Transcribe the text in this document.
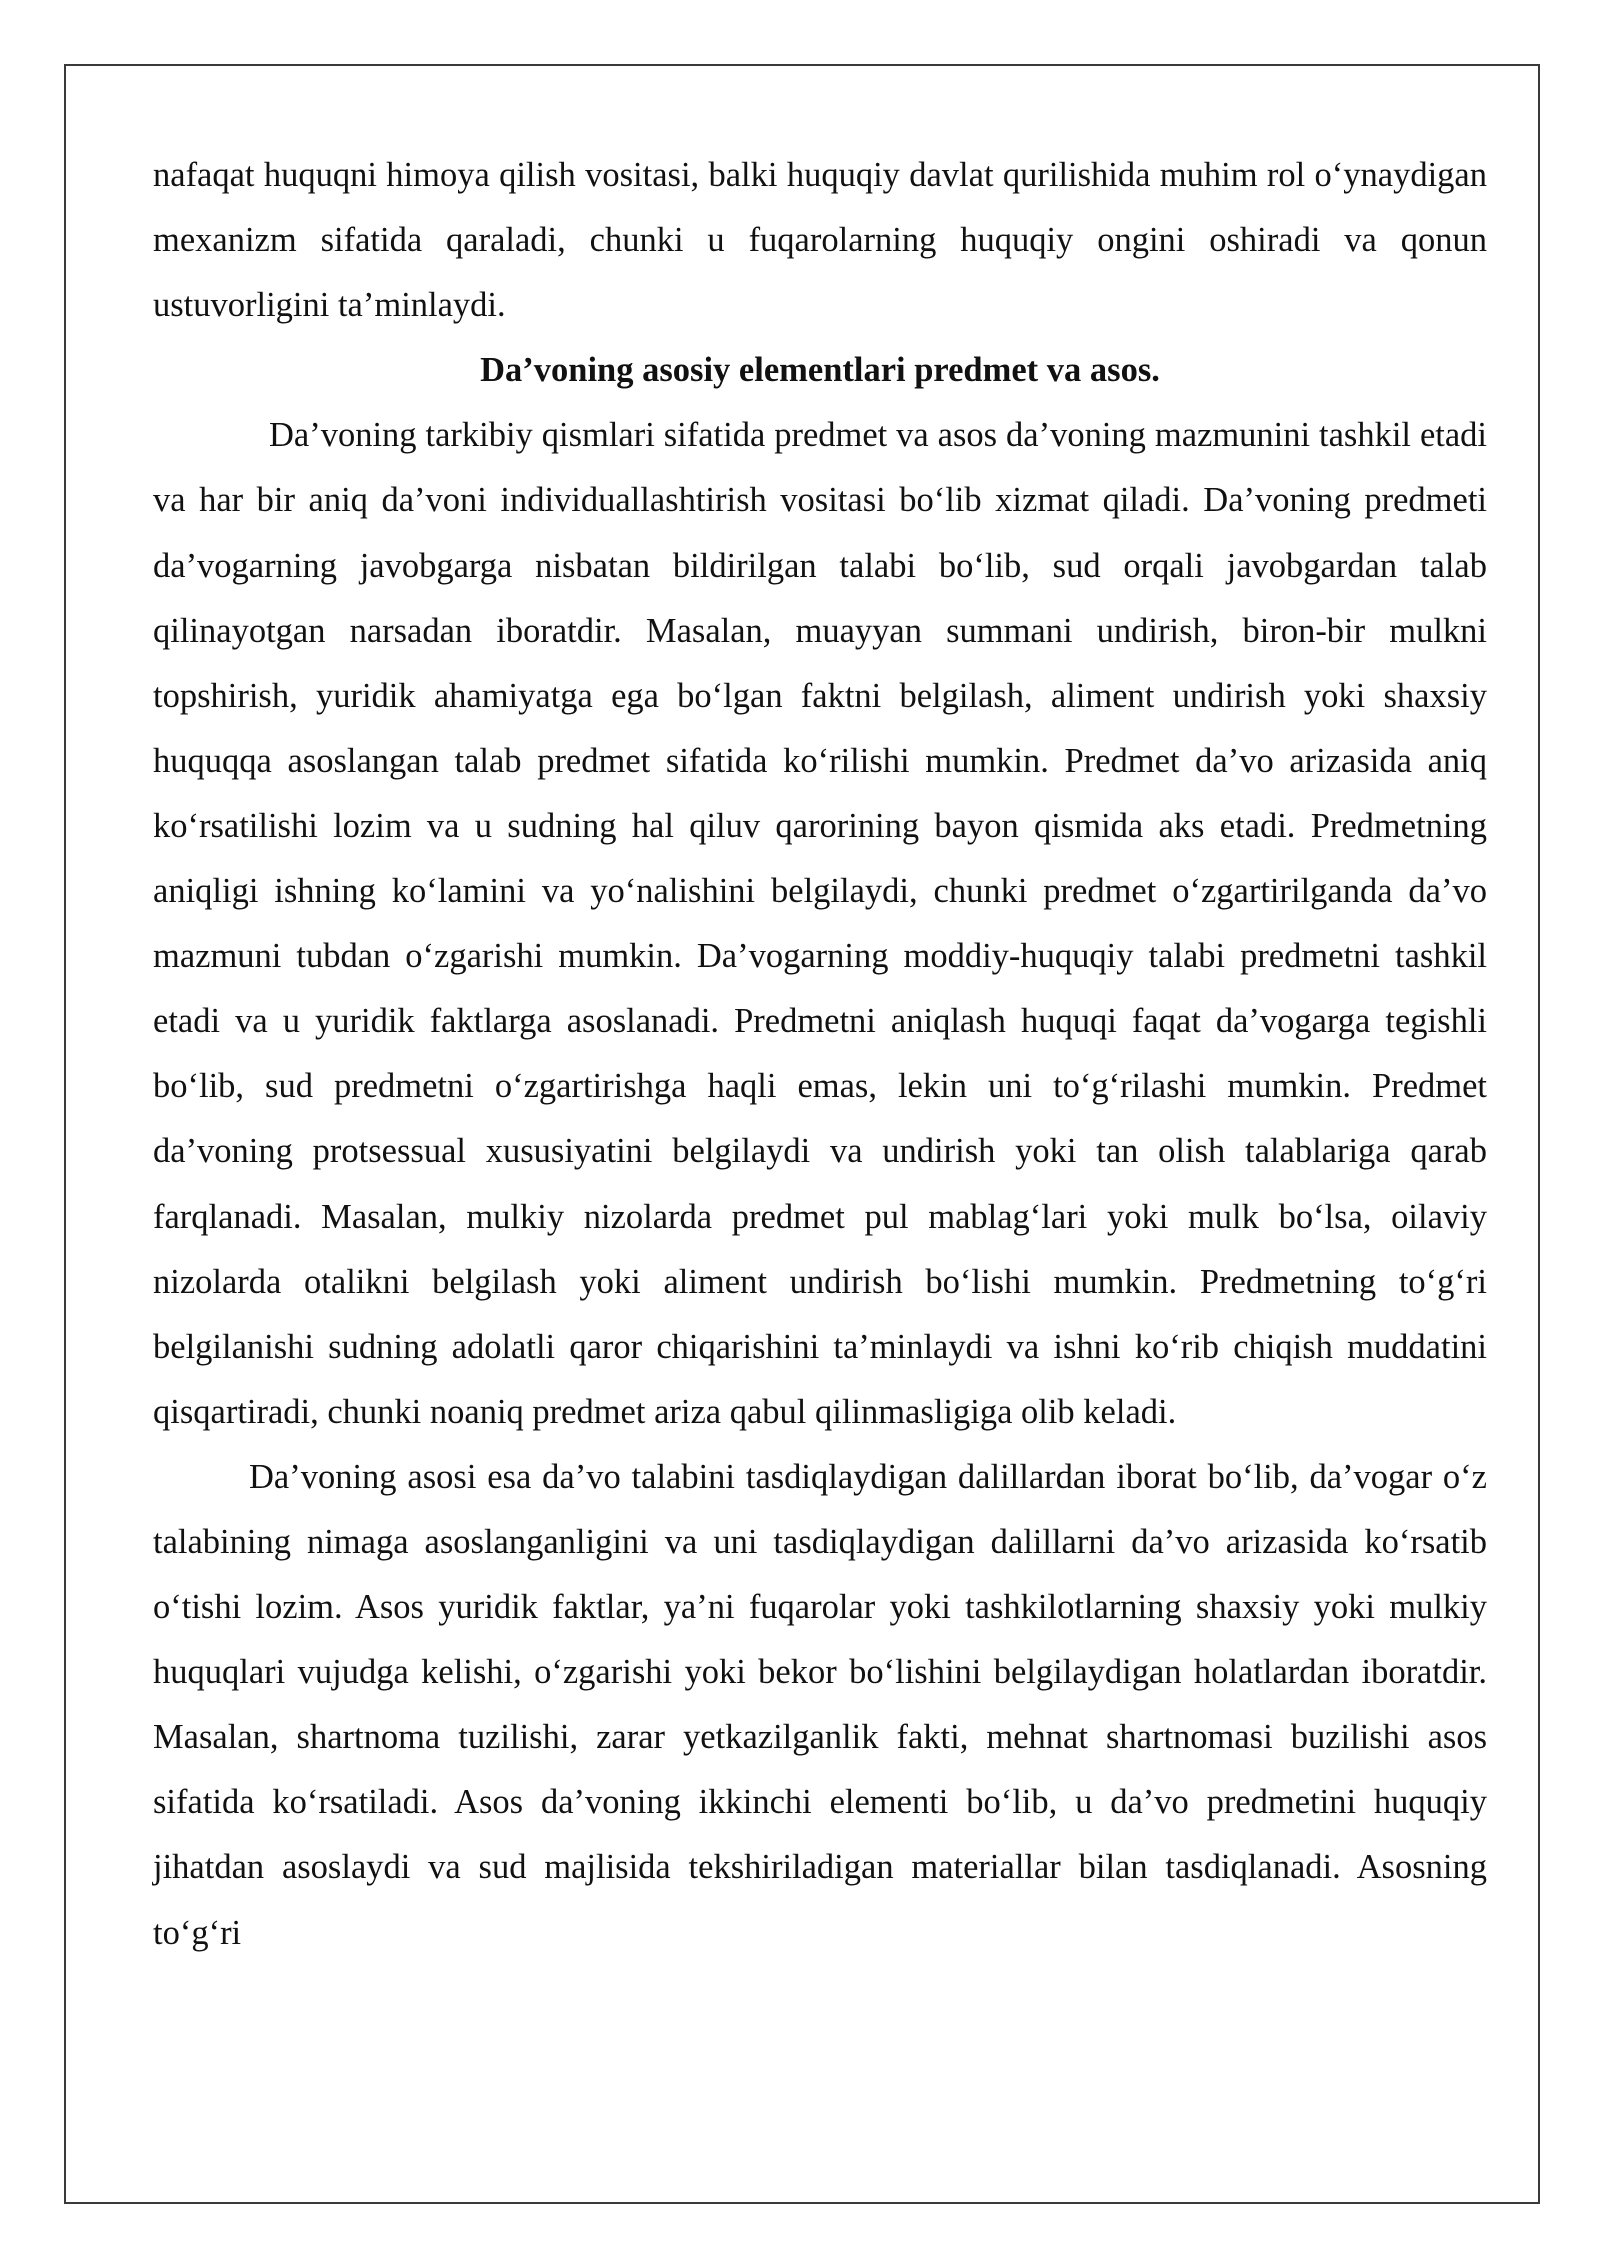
nafaqat huquqni himoya qilish vositasi, balki huquqiy davlat qurilishida muhim rol o‘ynaydigan mexanizm sifatida qaraladi, chunki u fuqarolarning huquqiy ongini oshiradi va qonun ustuvorligini ta’minlaydi.

Da’voning asosiy elementlari predmet va asos.

Da’voning tarkibiy qismlari sifatida predmet va asos da’voning mazmunini tashkil etadi va har bir aniq da’voni individuallashtirish vositasi bo‘lib xizmat qiladi. Da’voning predmeti da’vogarning javobgarga nisbatan bildirilgan talabi bo‘lib, sud orqali javobgardan talab qilinayotgan narsadan iboratdir. Masalan, muayyan summani undirish, biron-bir mulkni topshirish, yuridik ahamiyatga ega bo‘lgan faktni belgilash, aliment undirish yoki shaxsiy huquqqa asoslangan talab predmet sifatida ko‘rilishi mumkin. Predmet da’vo arizasida aniq ko‘rsatilishi lozim va u sudning hal qiluv qarorining bayon qismida aks etadi. Predmetning aniqligi ishning ko‘lamini va yo‘nalishini belgilaydi, chunki predmet o‘zgartirilganda da’vo mazmuni tubdan o‘zgarishi mumkin. Da’vogarning moddiy-huquqiy talabi predmetni tashkil etadi va u yuridik faktlarga asoslanadi. Predmetni aniqlash huquqi faqat da’vogarga tegishli bo‘lib, sud predmetni o‘zgartirishga haqli emas, lekin uni to‘g‘rilashi mumkin. Predmet da’voning protsessual xususiyatini belgilaydi va undirish yoki tan olish talablariga qarab farqlanadi. Masalan, mulkiy nizolarda predmet pul mablag‘lari yoki mulk bo‘lsa, oilaviy nizolarda otalikni belgilash yoki aliment undirish bo‘lishi mumkin. Predmetning to‘g‘ri belgilanishi sudning adolatli qaror chiqarishini ta’minlaydi va ishni ko‘rib chiqish muddatini qisqartiradi, chunki noaniq predmet ariza qabul qilinmasligiga olib keladi.

Da’voning asosi esa da’vo talabini tasdiqlaydigan dalillardan iborat bo‘lib, da’vogar o‘z talabining nimaga asoslanganligini va uni tasdiqlaydigan dalillarni da’vo arizasida ko‘rsatib o‘tishi lozim. Asos yuridik faktlar, ya’ni fuqarolar yoki tashkilotlarning shaxsiy yoki mulkiy huquqlari vujudga kelishi, o‘zgarishi yoki bekor bo‘lishini belgilaydigan holatlardan iboratdir. Masalan, shartnoma tuzilishi, zarar yetkazilganlik fakti, mehnat shartnomasi buzilishi asos sifatida ko‘rsatiladi. Asos da’voning ikkinchi elementi bo‘lib, u da’vo predmetini huquqiy jihatdan asoslaydi va sud majlisida tekshiriladigan materiallar bilan tasdiqlanadi. Asosning to‘g‘ri
